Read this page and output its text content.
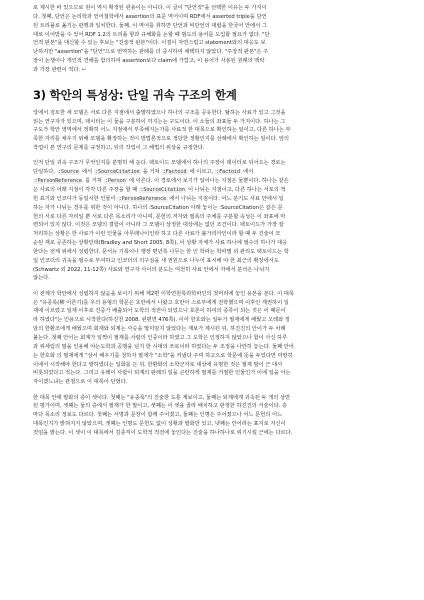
로 제시한 바 있으므로 원이 역시 확정된 관용이는 아니다. 이 글이 "단언적"을 선택한 이유는 두 가지이
다. 첫째, 단언은 논리학과 언어철학에서 assertion의 표준 역어이며 RDF에서 asserted triple을 단언
된 트리플로 옮기는 관행과 일치한다. 둘째, 이 역어를 취하면 단언과 비단언의 대립을 한국어 안에서 그
대로 이어받을 수 있어 RDF 1.2의 트리플 항과 규해화를 논할 때 범도의 용어를 도입할 필요가 없다. "단
언적 판본"을 대신할 수 있는 후보는 "진술적 판본"이다. 이결이 자연스럽고 statement와의 대응도 보
난하지만 "assertion"을 "단언"으로 번역하는 관례를 더 중시하여 채택하지 않았다. "주장적 판본"은 주
장이 논쟁이나 개인적 견해를 함의하여 assertion보다 claim에 가깝고, 이 용어가 사용된 원래의 맥락
과 가장 관련이 적다. ↩

3) 학안의 특성상: 단일 귀속 구조의 한계

앙에서 검토한 세 모델은 서로 다른 지점에서 출발하였으나 하나의 구조를 공유한다. 탈하는 사료가 있고 그것을
읽는 연구자가 있으며, 데이터는 이 둘을 구분하이 끼지는는 구도이다. 이 소들의 좌표들 두 가지이다. 하나는 그
구도가 학안 영역에서 정확히 어느 지점에서 부족해지는가를 사료적 한 대목으로 확인하는 일이고, 다른 하나는 부
족한 자리를 채우기 위해 모델을 확장하는 것이 방법론적으로 정당한 정황인지를 선례에서 확인하는 일이다. 앞의
작업이 본 연구의 문제를 규정하고, 뒤의 작업이 그 해법의 위상을 규정한다.

인저 단일 귀속 구조가 무엇인지를 분명히 해 둔다. 팩토이드 모델에서 하나의 주장이 데이터로 뒤어오는 경로는
단일하다. :Source 에서 :SourceCitation 을 거쳐 :Factoid 에 이르고, :Factoid 에서
:PersonReference 를 거쳐 :Person 에 이른다. 이 경로에서 보기가 일어나는 지점은 둘뿐이다. 하나는 같은
은 사료의 어래 지점이 각각 다른 주장을 할 때 :SourceCitation 이 나뉘는 지점이고, 다른 하나는 서로의 적
힌 표기와 인코디가 동일시한 인물이 :PersonReference 에서 나뉘는 지점이다. 어느 분기도 사료 안에서 일
하는 자가 나뉘는 경우를 위한 것이 아니다. 하나의 :SourceCitation 아래 놓이는 :SourceCitation은 같은 문
헌의 서로 다른 자리일 뿐 서로 다른 목소리가 아니며, 문헌의 저자와 필록의 주체를 구분할 속성은 이 좌표에 마
련되어 있지 않다. 이것은 모델의 결함이 아니라 그 모델이 상정한 대상에는 없던 조건이다. 팩토이드가 가장 잘
처리하는 상황은 한 사료가 이런 인물을 아무래나이인라 하고 다른 사료가 불가리아인이라 할 때 두 진술이 모
순된 재로 공존하는 상황인데(Bradley and Short 2005, 8쪽), 이 상황 자체가 사료 하나에 필수의 하나가 대응
한다는 전제 위에서 성립한다. 문서뉴 기록이나 행장 편년록 나무는 한 인 학파는 학파별 외 관리도 팩토이드는 학
일 인코더의 귀속을 필수로 부여하고 인코더의 의구심을 새 권원으로 나누어 표시해 야 한 최근의 확장에서도
(Schwartz 외 2022, 11-12쪽) 사료와 연구자 사이의 분도는 여전히 사료 안에서 자에서 분석은 나뉘지
않는다.

이 전제가 학안에서 성립하지 않음을 보이기 위해 제2편 이학연원록라학파인의 첫머리에 놓인 용본을 본다. 이 대목
은 "유종록(柳 이른기)를 우의 용형의 학문은 호란에서 나왔고 호란이 스로부에게 전학했으며 이후인 재권하이 일
재에 이르렀고 일재 이후로 진중가 배출되어 도학의 적전이 되었으니 호론이 하여의 종류이 되는 것은 이 때문이
라 하였다"는 인용으로 시작한다(하진천 2008, 왼편면 476쪽). 이어 한호와는 일두가 필재에게 배웠고 오레와 정
암의 한환조에게 배웠으며 회재와 퇴계는 사승을 말미암지 않았다는 계보가 제시된 뒤, 하진진의 안이가 두 차례
붙는다. 첫째 안어는 회계가 일찍이 필재를 사람의 인중이라 하였고 그 도학은 인정하지 않았으나 합이 사신 하루
과 위세림의 말을 인용해 야는도학과 공맹을 넘지 한 시대의 쓰로이라 하였다는 두 조정을 나란히 놓는다. 둘째 안어
는 한호화 의 필재에게 "상서 배우기를 청하자 필재가 "소학"을 커냈다 주며 하고으로 학문에 뜻을 두었다면 마땅히
이에서 시작해야 한다고 말하였다는 일화를 든 뒤, 한환화의 소학군자로 세상에 유명한 것은 필재 말이 근 대서
비롯되었다고 적는다. 그리고 유레이 사람이 퇴계의 판례의 일을 곤란하게 필재를 거절한 인물인가 이에 일을 아는
자이겠느냐는 관점으로 이 대목이 단혔다.

한 대목 안에 발화의 층이 셋이다. 첫째는 "유종록"의 진술한 도통 계보이고, 둘째는 퇴계에게 귀속된 두 개의 상반
된 평가이며, 셋째는 둘의 층에서 필재가 한 말이고, 셋째는 이 셋을 골라 배치하고 판정한 하진진의 서술이다. 층
마다 목소리 정보도 다르다. 첫째는 서명과 문장이 함께 주어졌고, 둘째는 인명은 주어졌으나 어느 문헌의 어느
대목인지가 밝혀지지 않았으며, 셋째는 인명도 문헌도 없이 성황과 발화만 있고, 넷째는 안어라는 표지로 자신이
것임을 밝는다. 이 셋이 이 대목에서 김종직이 도학적 적전에 놓인다는 진술을 하나하나로 위기시킬 근에는 다르다.
